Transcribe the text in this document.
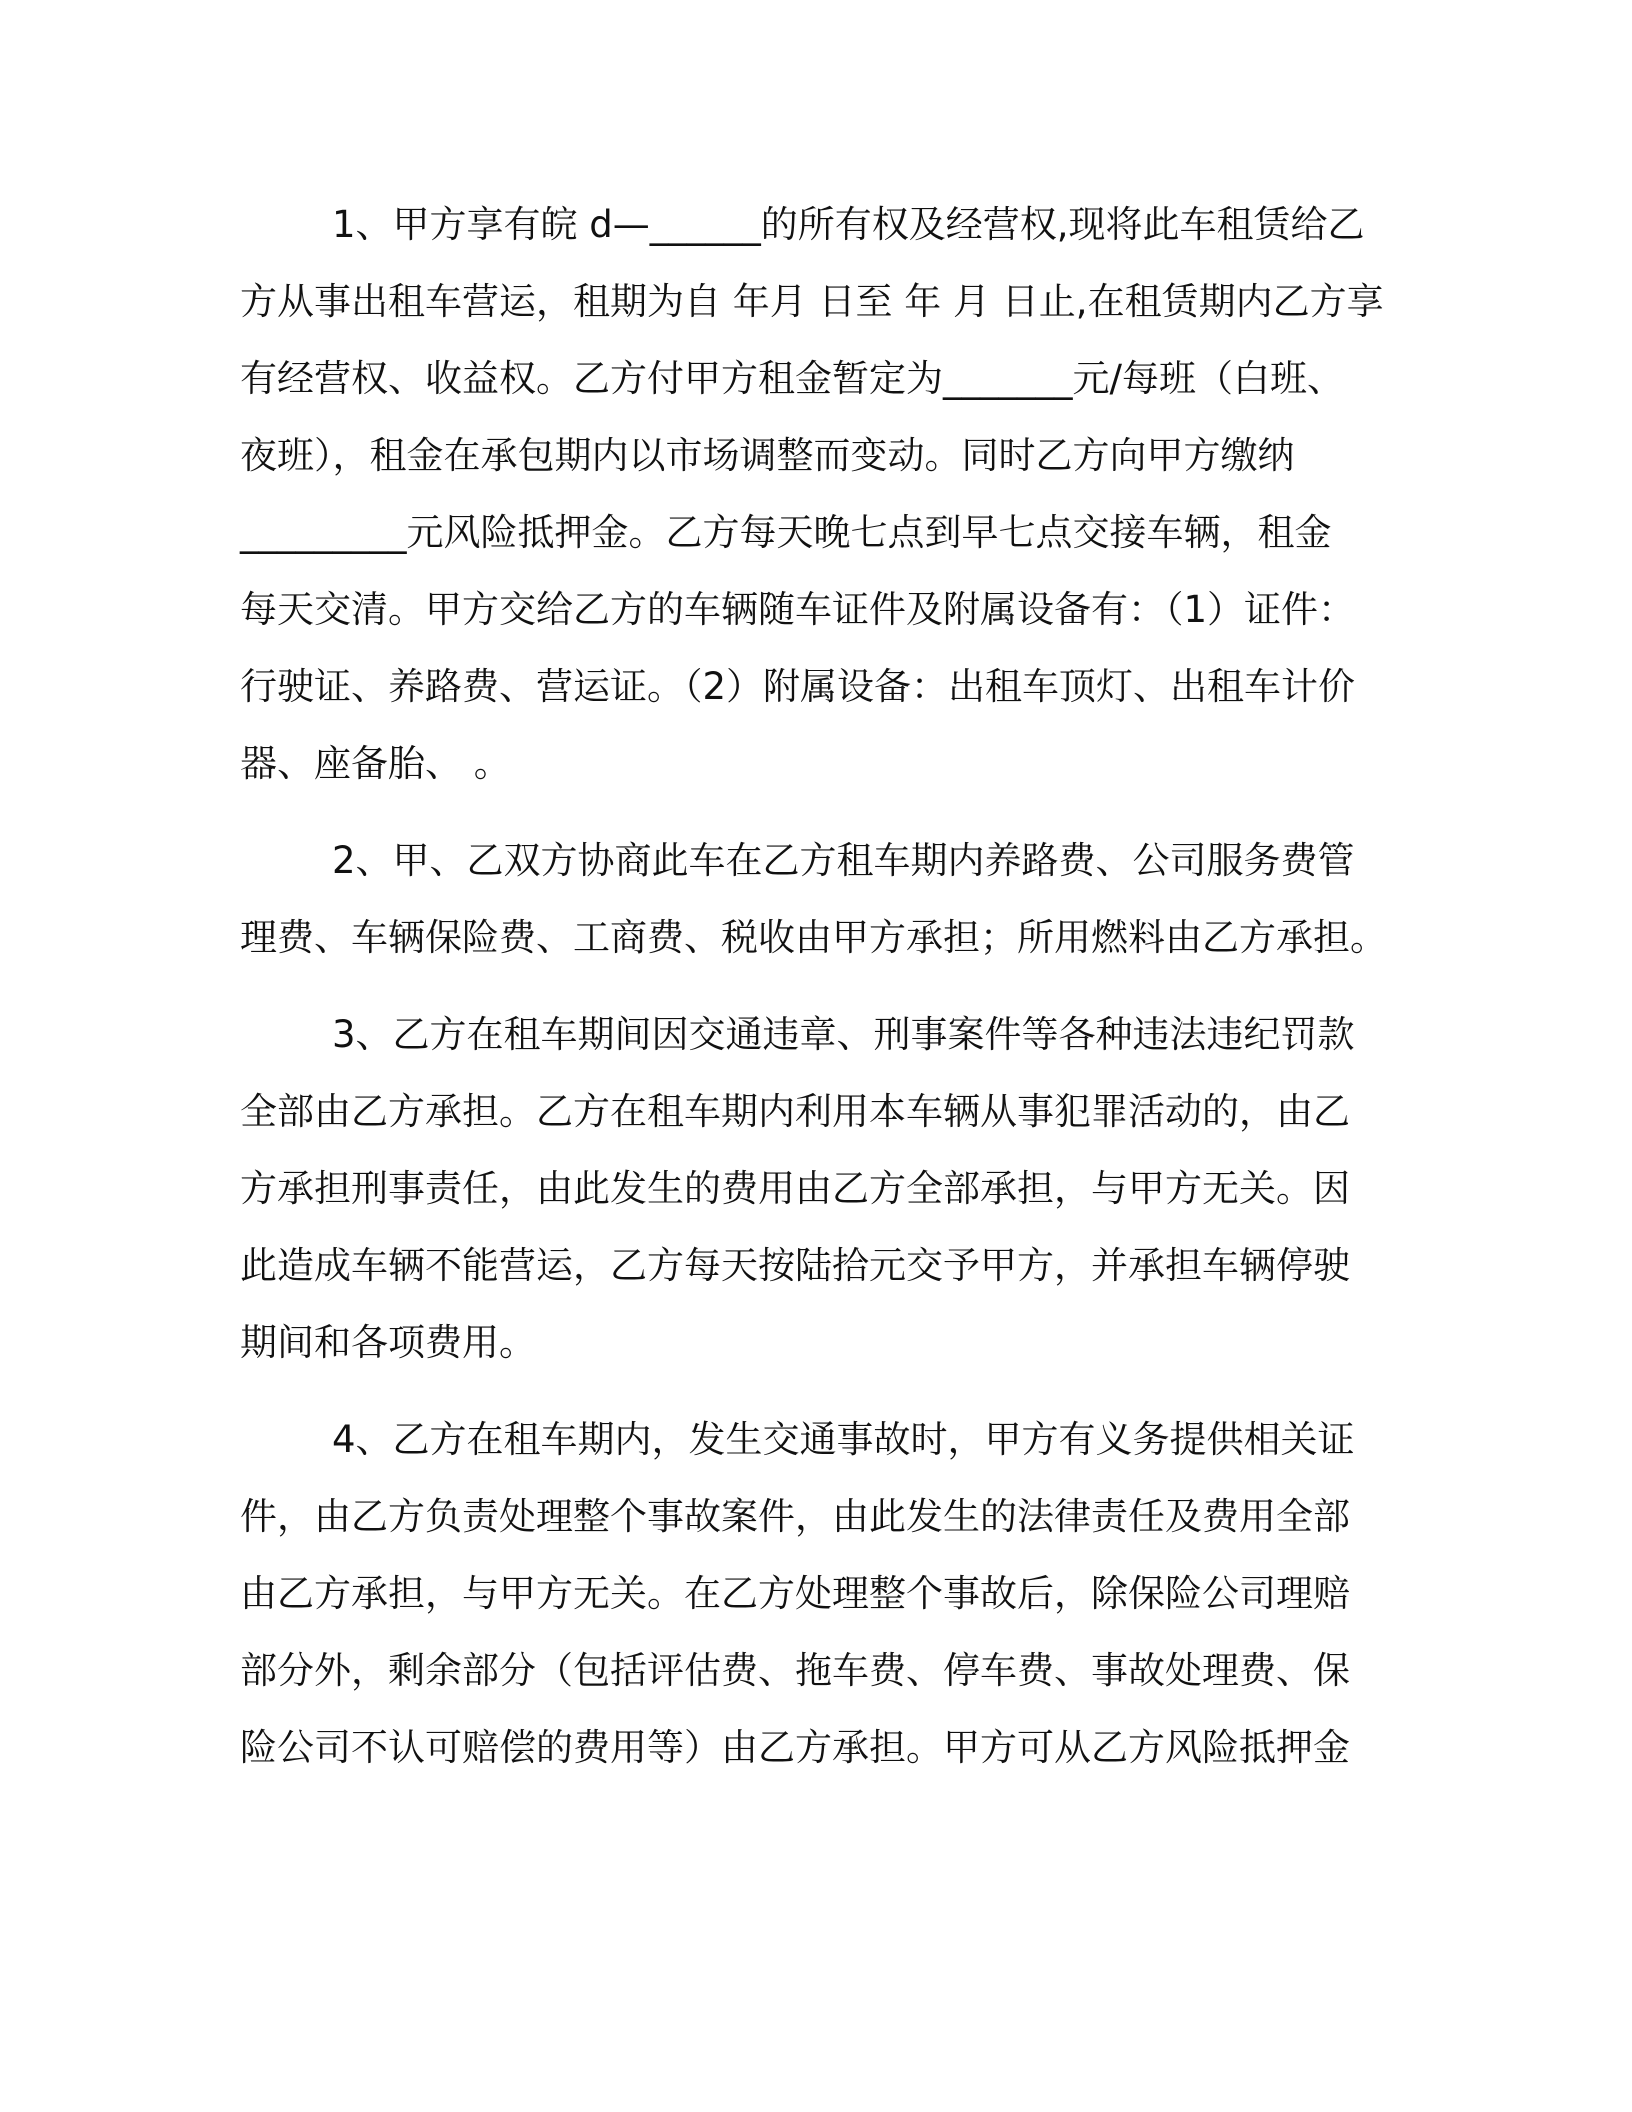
1、甲方享有皖 d—______的所有权及经营权,现将此车租赁给乙
方从事出租车营运，租期为自 年月 日至 年 月 日止,在租赁期内乙方享
有经营权、收益权。乙方付甲方租金暂定为_______元/每班（白班、
夜班），租金在承包期内以市场调整而变动。同时乙方向甲方缴纳
_________元风险抵押金。乙方每天晚七点到早七点交接车辆，租金
每天交清。甲方交给乙方的车辆随车证件及附属设备有：（1）证件：
行驶证、养路费、营运证。（2）附属设备：出租车顶灯、出租车计价
器、座备胎、 。
2、甲、乙双方协商此车在乙方租车期内养路费、公司服务费管
理费、车辆保险费、工商费、税收由甲方承担；所用燃料由乙方承担。
3、乙方在租车期间因交通违章、刑事案件等各种违法违纪罚款
全部由乙方承担。乙方在租车期内利用本车辆从事犯罪活动的，由乙
方承担刑事责任，由此发生的费用由乙方全部承担，与甲方无关。因
此造成车辆不能营运，乙方每天按陆拾元交予甲方，并承担车辆停驶
期间和各项费用。
4、乙方在租车期内，发生交通事故时，甲方有义务提供相关证
件，由乙方负责处理整个事故案件，由此发生的法律责任及费用全部
由乙方承担，与甲方无关。在乙方处理整个事故后，除保险公司理赔
部分外，剩余部分（包括评估费、拖车费、停车费、事故处理费、保
险公司不认可赔偿的费用等）由乙方承担。甲方可从乙方风险抵押金
